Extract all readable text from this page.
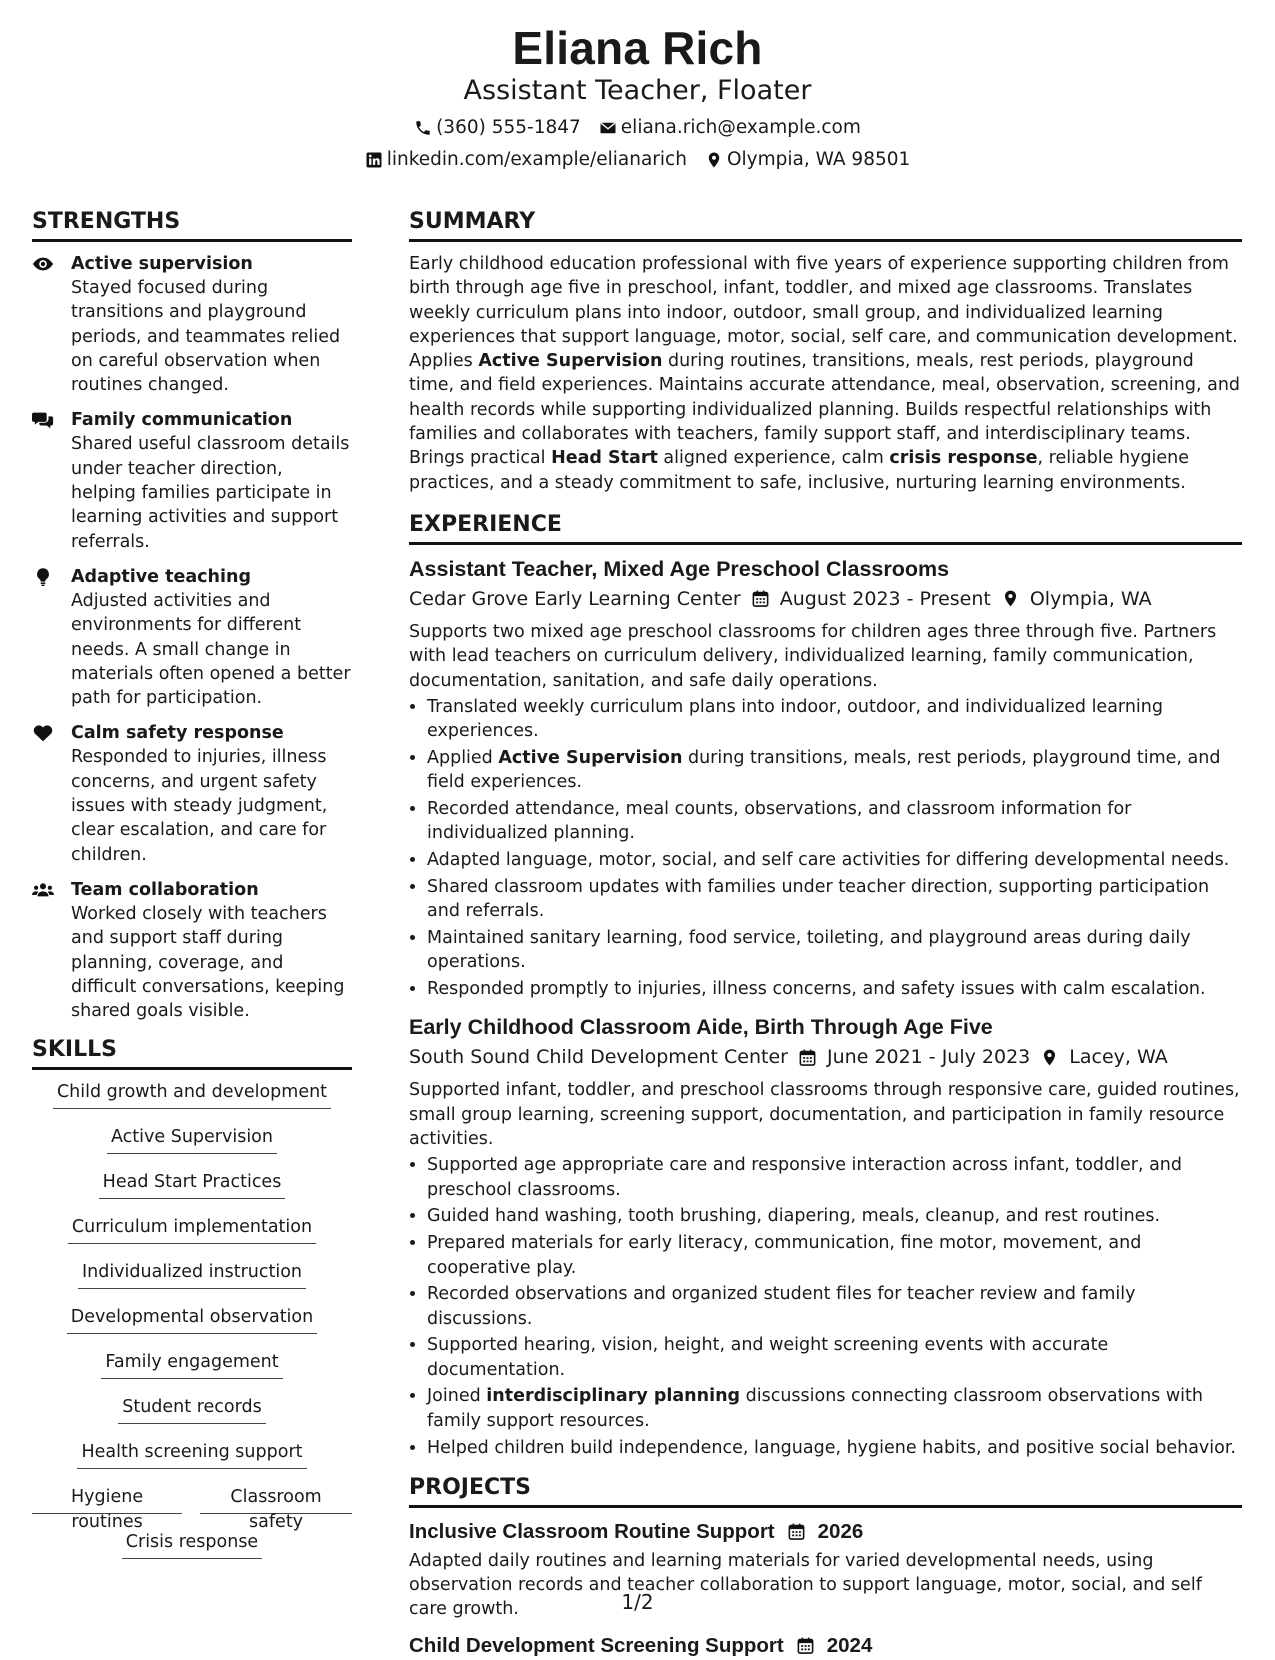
Eliana Rich
Assistant Teacher, Floater
(360) 555-1847 eliana.rich@example.com
linkedin.com/example/elianarich Olympia, WA 98501
STRENGTHS
Active supervision
Stayed focused during transitions and playground periods, and teammates relied on careful observation when routines changed.
Family communication
Shared useful classroom details under teacher direction, helping families participate in learning activities and support referrals.
Adaptive teaching
Adjusted activities and environments for different needs. A small change in materials often opened a better path for participation.
Calm safety response
Responded to injuries, illness concerns, and urgent safety issues with steady judgment, clear escalation, and care for children.
Team collaboration
Worked closely with teachers and support staff during planning, coverage, and difficult conversations, keeping shared goals visible.
SKILLS
Child growth and development
Active Supervision
Head Start Practices
Curriculum implementation
Individualized instruction
Developmental observation
Family engagement
Student records
Health screening support
Hygiene routines
Classroom safety
Crisis response
SUMMARY
Early childhood education professional with five years of experience supporting children from birth through age five in preschool, infant, toddler, and mixed age classrooms. Translates weekly curriculum plans into indoor, outdoor, small group, and individualized learning experiences that support language, motor, social, self care, and communication development. Applies Active Supervision during routines, transitions, meals, rest periods, playground time, and field experiences. Maintains accurate attendance, meal, observation, screening, and health records while supporting individualized planning. Builds respectful relationships with families and collaborates with teachers, family support staff, and interdisciplinary teams. Brings practical Head Start aligned experience, calm crisis response, reliable hygiene practices, and a steady commitment to safe, inclusive, nurturing learning environments.
EXPERIENCE
Assistant Teacher, Mixed Age Preschool Classrooms
Cedar Grove Early Learning Center August 2023 - Present Olympia, WA
Supports two mixed age preschool classrooms for children ages three through five. Partners with lead teachers on curriculum delivery, individualized learning, family communication, documentation, sanitation, and safe daily operations.
• Translated weekly curriculum plans into indoor, outdoor, and individualized learning experiences.
• Applied Active Supervision during transitions, meals, rest periods, playground time, and field experiences.
• Recorded attendance, meal counts, observations, and classroom information for individualized planning.
• Adapted language, motor, social, and self care activities for differing developmental needs.
• Shared classroom updates with families under teacher direction, supporting participation and referrals.
• Maintained sanitary learning, food service, toileting, and playground areas during daily operations.
• Responded promptly to injuries, illness concerns, and safety issues with calm escalation.
Early Childhood Classroom Aide, Birth Through Age Five
South Sound Child Development Center June 2021 - July 2023 Lacey, WA
Supported infant, toddler, and preschool classrooms through responsive care, guided routines, small group learning, screening support, documentation, and participation in family resource activities.
• Supported age appropriate care and responsive interaction across infant, toddler, and preschool classrooms.
• Guided hand washing, tooth brushing, diapering, meals, cleanup, and rest routines.
• Prepared materials for early literacy, communication, fine motor, movement, and cooperative play.
• Recorded observations and organized student files for teacher review and family discussions.
• Supported hearing, vision, height, and weight screening events with accurate documentation.
• Joined interdisciplinary planning discussions connecting classroom observations with family support resources.
• Helped children build independence, language, hygiene habits, and positive social behavior.
PROJECTS
Inclusive Classroom Routine Support 2026
Adapted daily routines and learning materials for varied developmental needs, using observation records and teacher collaboration to support language, motor, social, and self care growth.
Child Development Screening Support 2024
1/2
